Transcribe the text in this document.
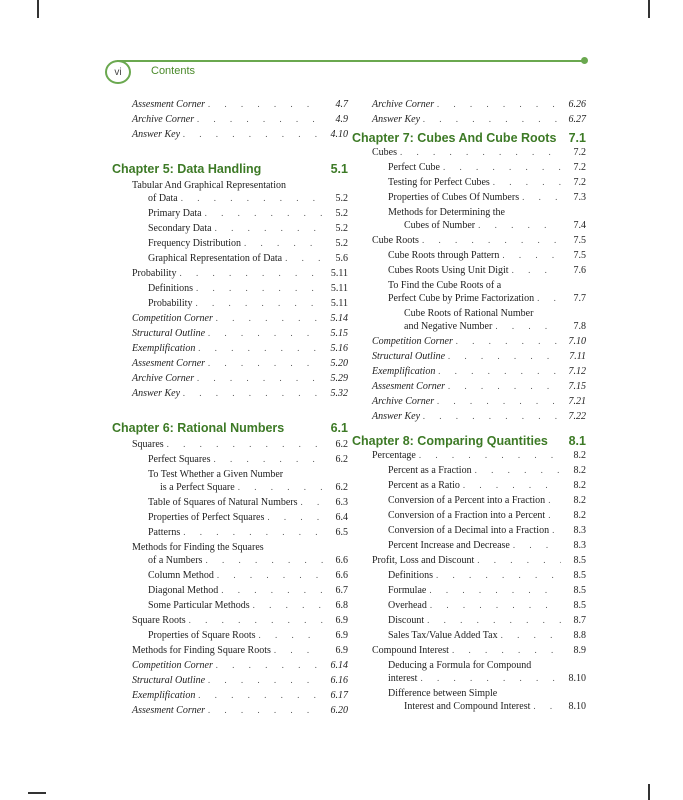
vi	Contents
Assesment Corner . . .	4.7
Archive Corner . . .	4.9
Answer Key . . .	4.10
Chapter 5: Data Handling	5.1
Tabular And Graphical Representation
of Data . . .	5.2
Primary Data . . .	5.2
Secondary Data . . .	5.2
Frequency Distribution . . .	5.2
Graphical Representation of Data . . .	5.6
Probability . . .	5.11
Definitions . . .	5.11
Probability . . .	5.11
Competition Corner . . .	5.14
Structural Outline . . .	5.15
Exemplification . . .	5.16
Assesment Corner . . .	5.20
Archive Corner . . .	5.29
Answer Key . . .	5.32
Chapter 6: Rational Numbers	6.1
Squares . . .	6.2
Perfect Squares . . .	6.2
To Test Whether a Given Number
is a Perfect Square . . .	6.2
Table of Squares of Natural Numbers . . .	6.3
Properties of Perfect Squares . . .	6.4
Patterns . . .	6.5
Methods for Finding the Squares
of a Numbers . . .	6.6
Column Method . . .	6.6
Diagonal Method . . .	6.7
Some Particular Methods . . .	6.8
Square Roots . . .	6.9
Properties of Square Roots . . .	6.9
Methods for Finding Square Roots . . .	6.9
Competition Corner . . .	6.14
Structural Outline . . .	6.16
Exemplification . . .	6.17
Assesment Corner . . .	6.20
Archive Corner . . .	6.26
Answer Key . . .	6.27
Chapter 7: Cubes And Cube Roots 7.1
Cubes . . .	7.2
Perfect Cube . . .	7.2
Testing for Perfect Cubes . . .	7.2
Properties of Cubes Of Numbers . . .	7.3
Methods for Determining the
Cubes of Number . . .	7.4
Cube Roots . . .	7.5
Cube Roots through Pattern . . .	7.5
Cubes Roots Using Unit Digit . . .	7.6
To Find the Cube Roots of a
Perfect Cube by Prime Factorization . . .	7.7
Cube Roots of Rational Number
and Negative Number . . .	7.8
Competition Corner . . .	7.10
Structural Outline . . .	7.11
Exemplification . . .	7.12
Assesment Corner . . .	7.15
Archive Corner . . .	7.21
Answer Key . . .	7.22
Chapter 8: Comparing Quantities 8.1
Percentage . . .	8.2
Percent as a Fraction . . .	8.2
Percent as a Ratio . . .	8.2
Conversion of a Percent into a Fraction . . .	8.2
Conversion of a Fraction into a Percent . . .	8.2
Conversion of a Decimal into a Fraction . . .	8.3
Percent Increase and Decrease . . .	8.3
Profit, Loss and Discount . . .	8.5
Definitions . . .	8.5
Formulae . . .	8.5
Overhead . . .	8.5
Discount . . .	8.7
Sales Tax/Value Added Tax . . .	8.8
Compound Interest . . .	8.9
Deducing a Formula for Compound
interest . . .	8.10
Difference between Simple
Interest and Compound Interest . . .	8.10
